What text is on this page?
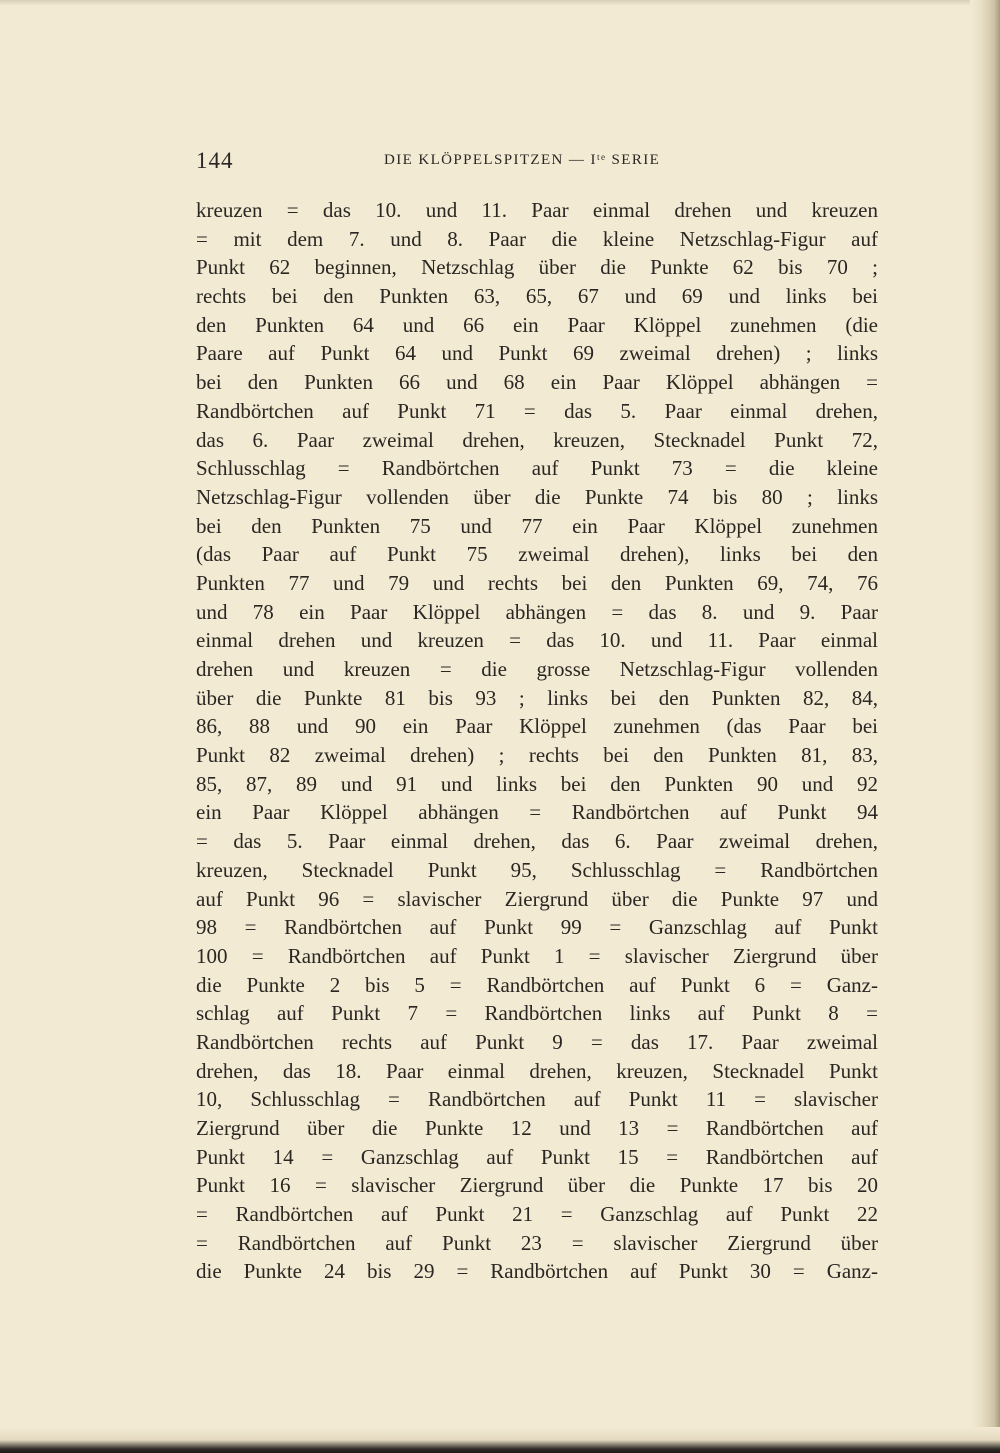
144	DIE KLÖPPELSPITZEN — Iᵗᵉ SERIE
kreuzen = das 10. und 11. Paar einmal drehen und kreuzen
= mit dem 7. und 8. Paar die kleine Netzschlag-Figur auf
Punkt 62 beginnen, Netzschlag über die Punkte 62 bis 70 ;
rechts bei den Punkten 63, 65, 67 und 69 und links bei
den Punkten 64 und 66 ein Paar Klöppel zunehmen (die
Paare auf Punkt 64 und Punkt 69 zweimal drehen) ; links
bei den Punkten 66 und 68 ein Paar Klöppel abhängen =
Randbörtchen auf Punkt 71 = das 5. Paar einmal drehen,
das 6. Paar zweimal drehen, kreuzen, Stecknadel Punkt 72,
Schlusschlag = Randbörtchen auf Punkt 73 = die kleine
Netzschlag-Figur vollenden über die Punkte 74 bis 80 ; links
bei den Punkten 75 und 77 ein Paar Klöppel zunehmen
(das Paar auf Punkt 75 zweimal drehen), links bei den
Punkten 77 und 79 und rechts bei den Punkten 69, 74, 76
und 78 ein Paar Klöppel abhängen = das 8. und 9. Paar
einmal drehen und kreuzen = das 10. und 11. Paar einmal
drehen und kreuzen = die grosse Netzschlag-Figur vollenden
über die Punkte 81 bis 93 ; links bei den Punkten 82, 84,
86, 88 und 90 ein Paar Klöppel zunehmen (das Paar bei
Punkt 82 zweimal drehen) ; rechts bei den Punkten 81, 83,
85, 87, 89 und 91 und links bei den Punkten 90 und 92
ein Paar Klöppel abhängen = Randbörtchen auf Punkt 94
= das 5. Paar einmal drehen, das 6. Paar zweimal drehen,
kreuzen, Stecknadel Punkt 95, Schlusschlag = Randbörtchen
auf Punkt 96 = slavischer Ziergrund über die Punkte 97 und
98 = Randbörtchen auf Punkt 99 = Ganzschlag auf Punkt
100 = Randbörtchen auf Punkt 1 = slavischer Ziergrund über
die Punkte 2 bis 5 = Randbörtchen auf Punkt 6 = Ganz-
schlag auf Punkt 7 = Randbörtchen links auf Punkt 8 =
Randbörtchen rechts auf Punkt 9 = das 17. Paar zweimal
drehen, das 18. Paar einmal drehen, kreuzen, Stecknadel Punkt
10, Schlusschlag = Randbörtchen auf Punkt 11 = slavischer
Ziergrund über die Punkte 12 und 13 = Randbörtchen auf
Punkt 14 = Ganzschlag auf Punkt 15 = Randbörtchen auf
Punkt 16 = slavischer Ziergrund über die Punkte 17 bis 20
= Randbörtchen auf Punkt 21 = Ganzschlag auf Punkt 22
= Randbörtchen auf Punkt 23 = slavischer Ziergrund über
die Punkte 24 bis 29 = Randbörtchen auf Punkt 30 = Ganz-
